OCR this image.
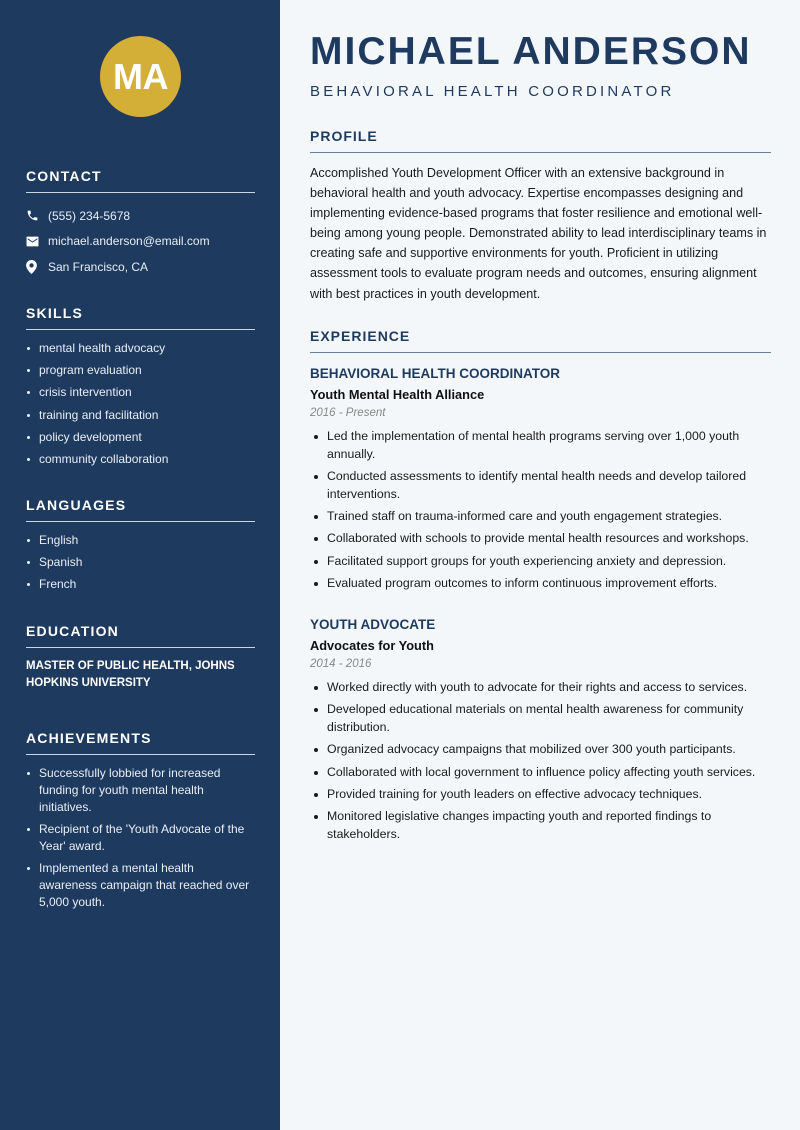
MA
CONTACT
(555) 234-5678
michael.anderson@email.com
San Francisco, CA
SKILLS
mental health advocacy
program evaluation
crisis intervention
training and facilitation
policy development
community collaboration
LANGUAGES
English
Spanish
French
EDUCATION

MASTER OF PUBLIC HEALTH, JOHNS HOPKINS UNIVERSITY

ACHIEVEMENTS
Successfully lobbied for increased funding for youth mental health initiatives.
Recipient of the 'Youth Advocate of the Year' award.
Implemented a mental health awareness campaign that reached over 5,000 youth.
MICHAEL ANDERSON
BEHAVIORAL HEALTH COORDINATOR
PROFILE

Accomplished Youth Development Officer with an extensive background in behavioral health and youth advocacy. Expertise encompasses designing and implementing evidence-based programs that foster resilience and emotional well-being among young people. Demonstrated ability to lead interdisciplinary teams in creating safe and supportive environments for youth. Proficient in utilizing assessment tools to evaluate program needs and outcomes, ensuring alignment with best practices in youth development.

EXPERIENCE
BEHAVIORAL HEALTH COORDINATOR
Youth Mental Health Alliance
2016 - Present
Led the implementation of mental health programs serving over 1,000 youth annually.
Conducted assessments to identify mental health needs and develop tailored interventions.
Trained staff on trauma-informed care and youth engagement strategies.
Collaborated with schools to provide mental health resources and workshops.
Facilitated support groups for youth experiencing anxiety and depression.
Evaluated program outcomes to inform continuous improvement efforts.
YOUTH ADVOCATE
Advocates for Youth
2014 - 2016
Worked directly with youth to advocate for their rights and access to services.
Developed educational materials on mental health awareness for community distribution.
Organized advocacy campaigns that mobilized over 300 youth participants.
Collaborated with local government to influence policy affecting youth services.
Provided training for youth leaders on effective advocacy techniques.
Monitored legislative changes impacting youth and reported findings to stakeholders.
